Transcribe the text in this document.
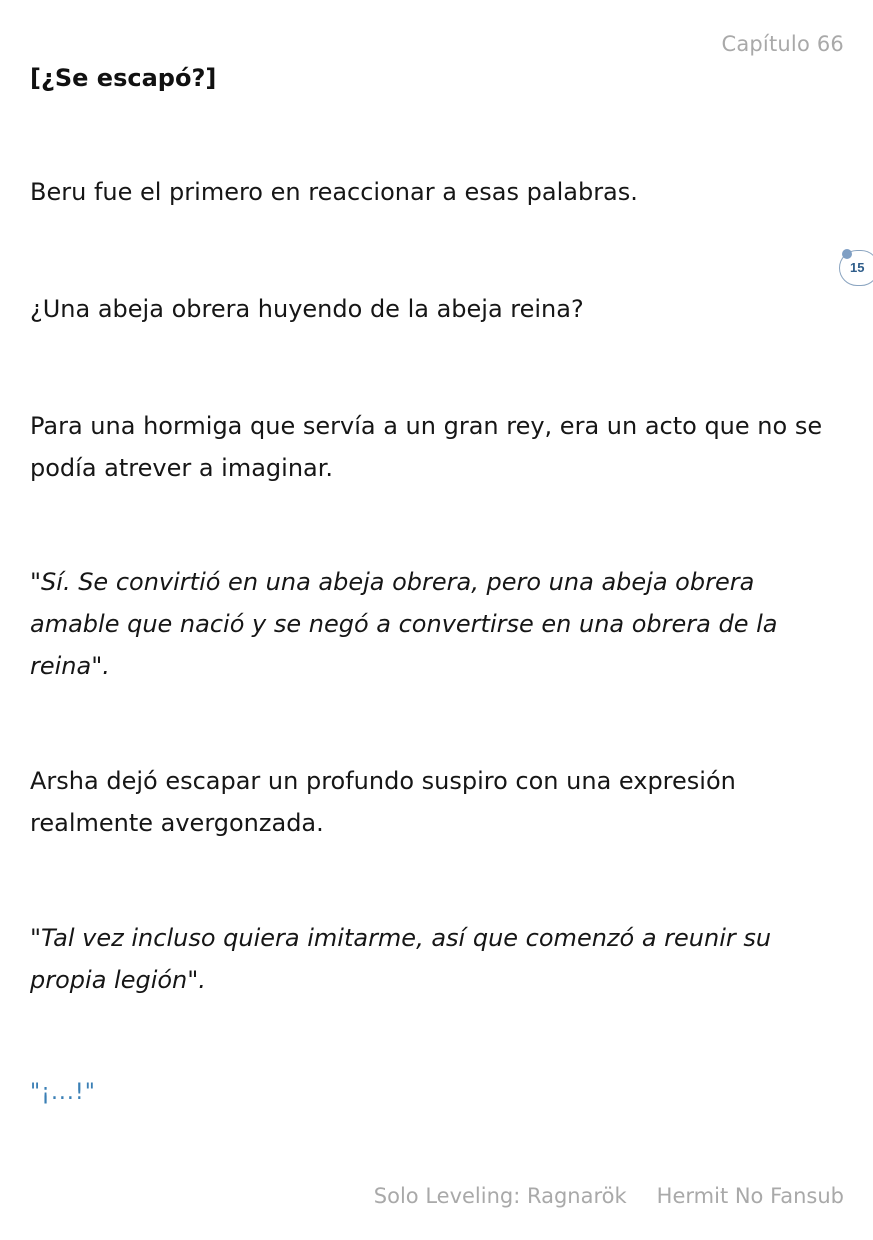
Capítulo 66
[¿Se escapó?]

Beru fue el primero en reaccionar a esas palabras.

¿Una abeja obrera huyendo de la abeja reina?

Para una hormiga que servía a un gran rey, era un acto que no se podía atrever a imaginar.

"Sí. Se convirtió en una abeja obrera, pero una abeja obrera amable que nació y se negó a convertirse en una obrera de la reina".

Arsha dejó escapar un profundo suspiro con una expresión realmente avergonzada.

"Tal vez incluso quiera imitarme, así que comenzó a reunir su propia legión".

"¡...!"
15
Solo Leveling: Ragnarök Hermit No Fansub
